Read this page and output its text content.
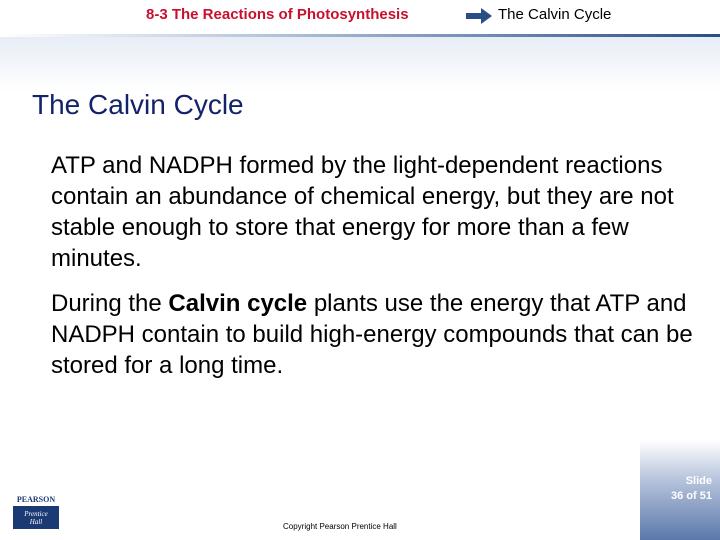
8-3 The Reactions of Photosynthesis	The Calvin Cycle
The Calvin Cycle

ATP and NADPH formed by the light-dependent reactions contain an abundance of chemical energy, but they are not stable enough to store that energy for more than a few minutes.

During the Calvin cycle plants use the energy that ATP and NADPH contain to build high-energy compounds that can be stored for a long time.

Slide
36 of 51
Copyright Pearson Prentice Hall
PEARSON
Prentice
Hall
